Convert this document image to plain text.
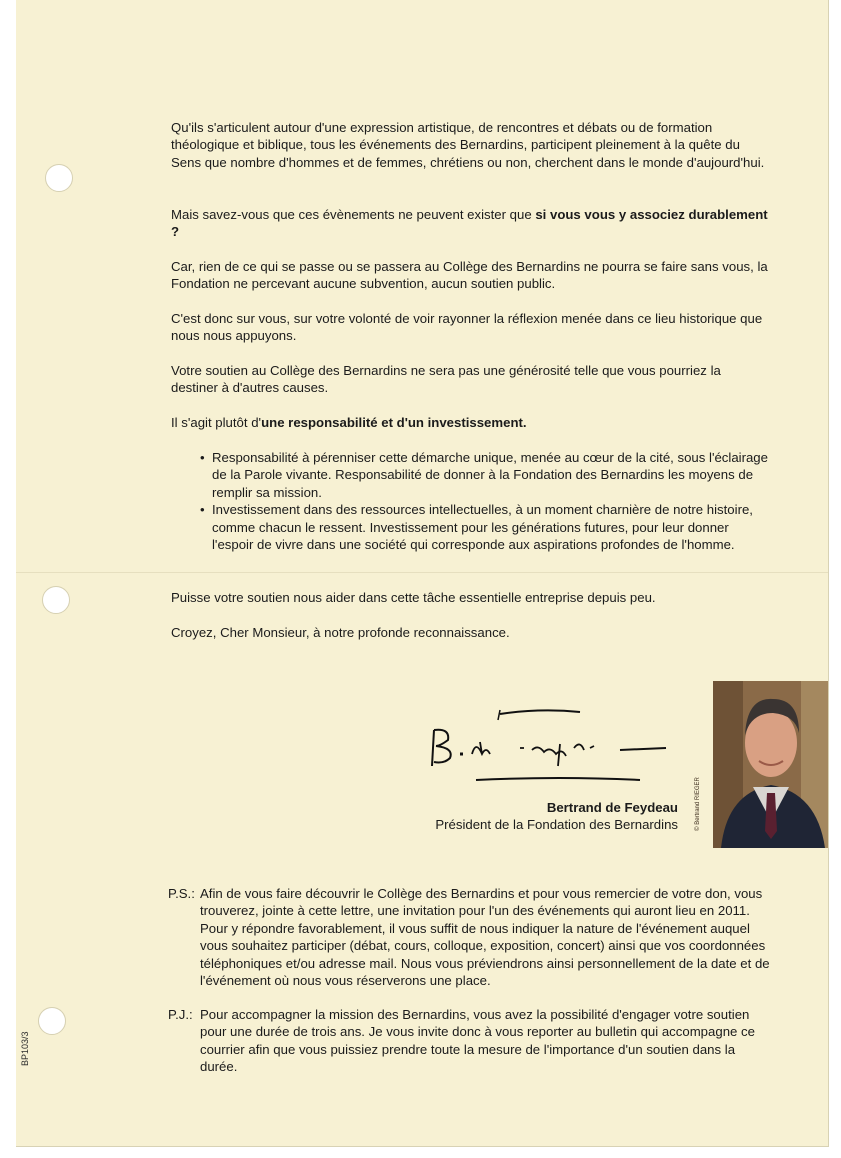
Qu'ils s'articulent autour d'une expression artistique, de rencontres et débats ou de formation théologique et biblique, tous les événements des Bernardins, participent pleinement à la quête du Sens que nombre d'hommes et de femmes, chrétiens ou non, cherchent dans le monde d'aujourd'hui.

Mais savez-vous que ces évènements ne peuvent exister que si vous vous y associez durablement ?

Car, rien de ce qui se passe ou se passera au Collège des Bernardins ne pourra se faire sans vous, la Fondation ne percevant aucune subvention, aucun soutien public.

C'est donc sur vous, sur votre volonté de voir rayonner la réflexion menée dans ce lieu historique que nous nous appuyons.

Votre soutien au Collège des Bernardins ne sera pas une générosité telle que vous pourriez la destiner à d'autres causes.

Il s'agit plutôt d'une responsabilité et d'un investissement.

• Responsabilité à pérenniser cette démarche unique, menée au cœur de la cité, sous l'éclairage de la Parole vivante. Responsabilité de donner à la Fondation des Bernardins les moyens de remplir sa mission.
• Investissement dans des ressources intellectuelles, à un moment charnière de notre histoire, comme chacun le ressent. Investissement pour les générations futures, pour leur donner l'espoir de vivre dans une société qui corresponde aux aspirations profondes de l'homme.

Puisse votre soutien nous aider dans cette tâche essentielle entreprise depuis peu.

Croyez, Cher Monsieur, à notre profonde reconnaissance.

Bertrand de Feydeau
Président de la Fondation des Bernardins	© Bertrand RIEGER
P.S.: Afin de vous faire découvrir le Collège des Bernardins et pour vous remercier de votre don, vous trouverez, jointe à cette lettre, une invitation pour l'un des événements qui auront lieu en 2011. Pour y répondre favorablement, il vous suffit de nous indiquer la nature de l'événement auquel vous souhaitez participer (débat, cours, colloque, exposition, concert) ainsi que vos coordonnées téléphoniques et/ou adresse mail. Nous vous préviendrons ainsi personnellement de la date et de l'événement où nous vous réserverons une place.

P.J.: Pour accompagner la mission des Bernardins, vous avez la possibilité d'engager votre soutien pour une durée de trois ans. Je vous invite donc à vous reporter au bulletin qui accompagne ce courrier afin que vous puissiez prendre toute la mesure de l'importance d'un soutien dans la durée.

BP103/3
